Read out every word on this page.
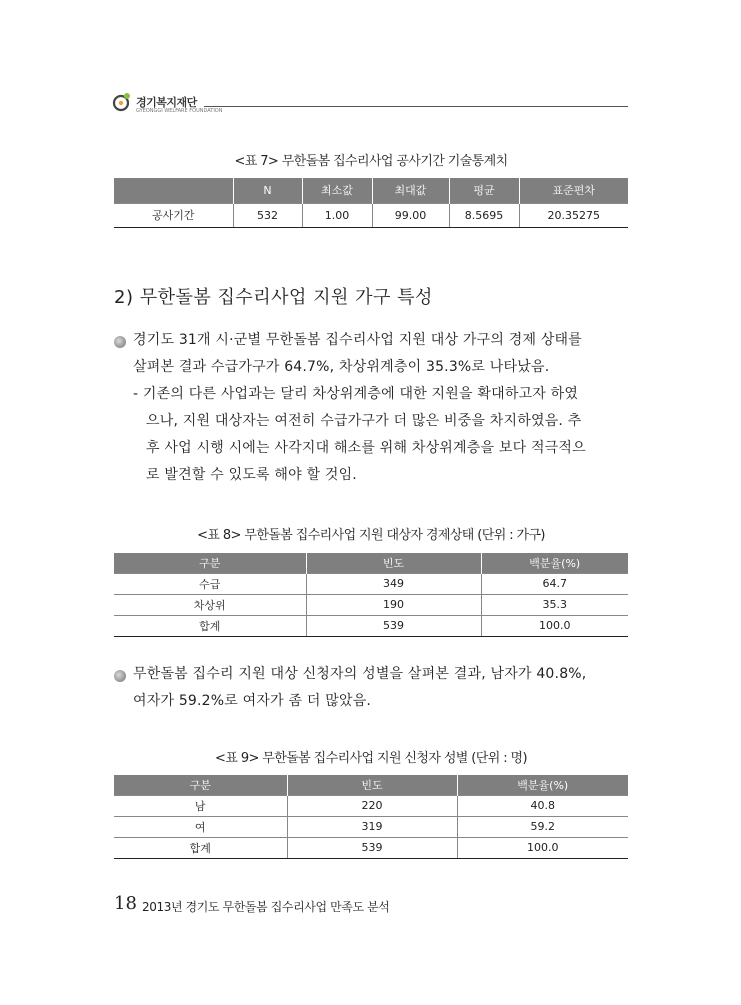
경기복지재단
GYEONGGI WELFARE FOUNDATION
<표 7> 무한돌봄 집수리사업 공사기간 기술통계치
	N	최소값	최대값	평균	표준편차
공사기간	532	1.00	99.00	8.5695	20.35275
2) 무한돌봄 집수리사업 지원 가구 특성
경기도 31개 시·군별 무한돌봄 집수리사업 지원 대상 가구의 경제 상태를
살펴본 결과 수급가구가 64.7%, 차상위계층이 35.3%로 나타났음.
- 기존의 다른 사업과는 달리 차상위계층에 대한 지원을 확대하고자 하였
으나, 지원 대상자는 여전히 수급가구가 더 많은 비중을 차지하였음. 추
후 사업 시행 시에는 사각지대 해소를 위해 차상위계층을 보다 적극적으
로 발견할 수 있도록 해야 할 것임.
<표 8> 무한돌봄 집수리사업 지원 대상자 경제상태 (단위 : 가구)
구분	빈도	백분율(%)
수급	349	64.7
차상위	190	35.3
합계	539	100.0
무한돌봄 집수리 지원 대상 신청자의 성별을 살펴본 결과, 남자가 40.8%,
여자가 59.2%로 여자가 좀 더 많았음.
<표 9> 무한돌봄 집수리사업 지원 신청자 성별 (단위 : 명)
구분	빈도	백분율(%)
남	220	40.8
여	319	59.2
합계	539	100.0
18 2013년 경기도 무한돌봄 집수리사업 만족도 분석
